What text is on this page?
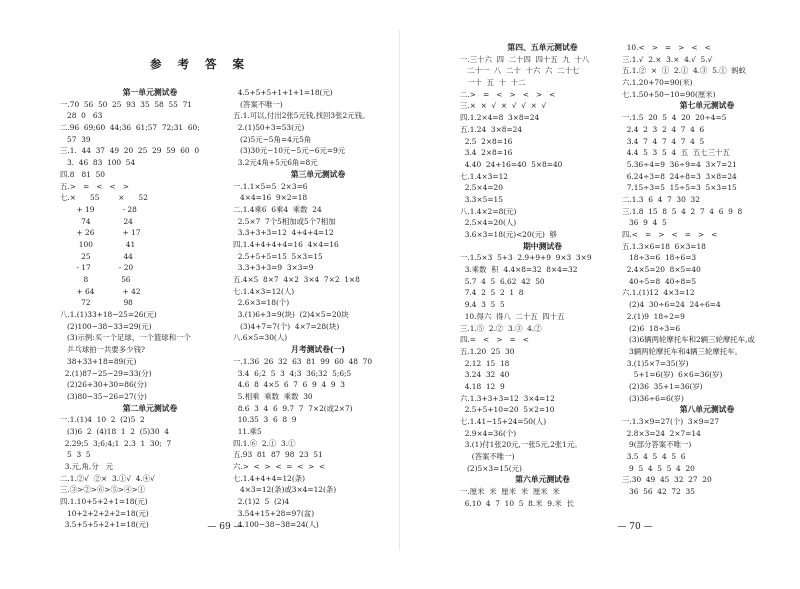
参 考 答 案
第一单元测试卷
一.70  56  50  25  93  35  58  55  71
28  0   63
二.96  69;60  44;36  61;57  72;31  60;
57  39
三.1.  44  37  49  20  25  29  59  60  0
3.  46  83  100  54
四.8   81  50
五.>   =   <   <   >
七.×      55        ×      52
+ 19            - 28
74              24
+ 26            + 17
100              41
25              44
- 17            - 20
8              56
+ 64            + 42
72              98
八.1.(1)33+18−25=26(元)
(2)100−38−33=29(元)
(3)示例:买一个足球、一个篮球和一个
乒乓球拍一共要多少钱?
38+33+18=89(元)
2.(1)87−25−29=33(分)
(2)26+30+30=86(分)
(3)80−35−26=27(分)
第二单元测试卷
一.1.(1)4  10  2  (2)5  2
(3)6  2  (4)18  1  2  (5)30  4
2.29;5  3;6;4;1  2.3  1  30;  7
5  3  5
3.元,角,分   元
二.1.②√  ②×  3.①√  4.④√
三.③>②>⑥>⑤>④>①
四.1.10+5+2+1=18(元)
10+2+2+2+2=18(元)
3.5+5+5+2+1=18(元)
4.5+5+5+1+1+1=18(元)
(答案不唯一)
五.1.可以,付出2张5元钱,找回3张2元钱。
2.(1)50+3=53(元)
(2)5元−5角=4元5角
(3)30元−10元−5元−6元=9元
3.2元4角+5元6角=8元
第三单元测试卷
一.1.1×5=5  2×3=6
4×4=16  9×2=18
二.1.4乘6  6乘4  乘数  24
2.5×7  7个5相加或5个7相加
3.3+3+3=12  4+4+4=12
四.1.4+4+4+4=16  4×4=16
2.5+5+5=15  5×3=15
3.3+3+3=9  3×3=9
五.4×5  8×7  4×2  3×4  7×2  1×8
七.1.4×3=12(人)
2.6×3=18(个)
3.(1)6+3=9(块)  (2)4×5=20块
(3)4+7=7(个)  4×7=28(块)
八.6×5=30(人)
月考测试卷(一)
一.1.36  26  32  63  81  99  60  48  70
3.4  6;2  5  3  4;3  36;32  5;6;5
4.6  8  4×5  6  7  6  9  4  9  3
5.相乘  乘数  乘数  30
8.6  3  4  6  9.7  7  7×2(或2×7)
10.35  3  6  8  9
11.乘5
四.1.⑥  2.①  3.①
五.93  81  87  98  23  51
六.>  <  >  <  =  <  >  <
七.1.4+4+4=12(条)
4×3=12(条)或3×4=12(条)
2.(1)2  5  (2)4
3.54+15+28=97(盆)
4.100−38−38=24(人)
— 69 —
第四、五单元测试卷
一.三十六  四  二十四  四十五  九  十八
二十一  八  二十  十六  六  二十七
一十  五  十  十二
二.>   =   <   >   <   >   <
三.×  ×  √  ×  √  √  ×  √
四.1.2×4=8  3×8=24
五.1.24  3×8=24
2.5  2×8=16
3.4  2×8=16
4.40  24+16=40  5×8=40
七.1.4×3=12
2.5×4=20
3.3×5=15
八.1.4×2=8(元)
2.5×4=20(人)
3.6×3=18(元)<20(元)  够
期中测试卷
一.1.5×3  5+3  2.9+9+9  9×3  3×9
3.乘数  积  4.4×8=32  8×4=32
5.7  4  5  6.62  42  50
7.4  2  5  2  1  8
9.4  3  5  5
10.得六  得八  二十五  四十五
三.1.⑤  2.②  3.③  4.②
四.=   <   >   =   <
五.1.20  25  30
2.12  15  18
3.24  32  40
4.18  12  9
六.1.3+3+3=12  3×4=12
2.5+5+10=20  5×2=10
七.1.41−15+24=50(人)
2.9×4=36(个)
3.(1)付1张20元,一张5元,2张1元。
(答案不唯一)
(2)5×3=15(元)
第六单元测试卷
一.厘米  米  厘米  米  厘米  米
6.10  4  7  10  5  8.米  9.米  长
10.<   >   =   >   <   <
三.1.√  2.×  3.×  4.√  5.√
五.1.②  ×  ①  2.①  4.③  5.①  蚂蚁
六.1.20+70=90(米)
七.1.50+50−10=90(厘米)
第七单元测试卷
一.1.5  20  5  4  20  20÷4=5
2.4  2  3  2  4  7  4  6
3.4  7  4  7  4  7  4  5
4.4  5  3  5  4  五  五七三十五
5.36÷4=9  36÷9=4  3×7=21
6.24÷3=8  24÷8=3  3×8=24
7.15÷3=5  15÷5=3  5×3=15
二.1.3  6  4  7  30  32
三.1.8  15  8  5  4  2  7  4  6  9  8
36  9  4  5
四.<   =   >   <   =   >   <
五.1.3×6=18  6×3=18
18÷3=6  18÷6=3
2.4×5=20  8×5=40
40÷5=8  40÷8=5
六.1.(1)12  4×3=12
(2)4  30÷6=24  24÷6=4
2.(1)9  18÷2=9
(2)6  18÷3=6
(3)6辆两轮摩托车和2辆三轮摩托车,或
3辆两轮摩托车和4辆三轮摩托车。
3.(1)5×7=35(岁)
5+1=6(岁)  6×6=36(岁)
(2)36  35+1=36(岁)
(3)36÷6=6(岁)
第八单元测试卷
一.1.3×9=27(个)  3×9=27
2.8×3=24  2×7=14
9(部分答案不唯一)
3.5  4  5  4  5  6
9  5  4  5  5  4  20
三.30  49  45  32  27  20
36  56  42  72  35
— 70 —
